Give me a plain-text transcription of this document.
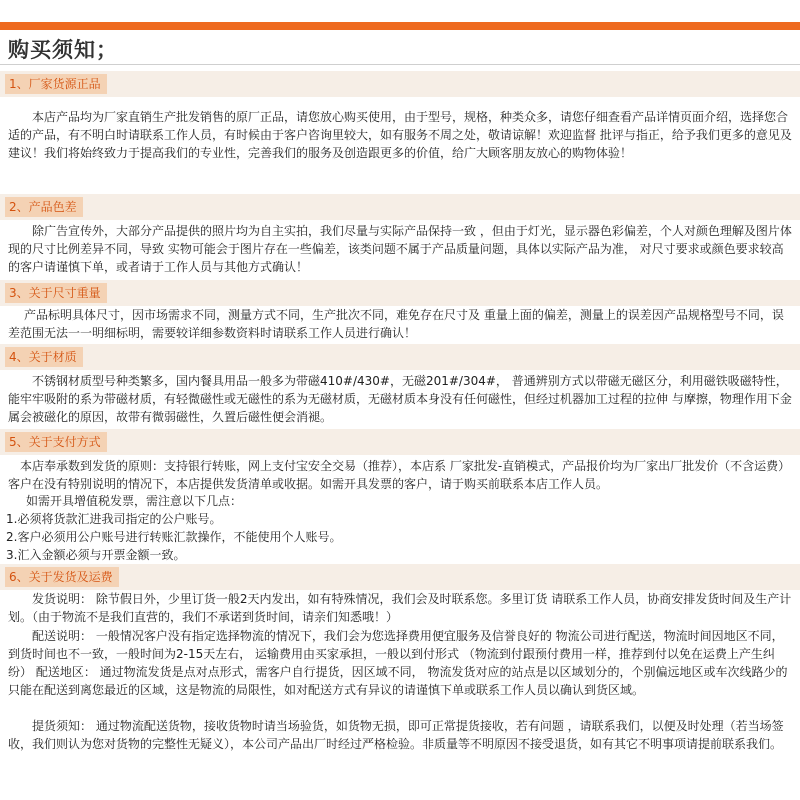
购买须知；
1、厂家货源正品

本店产品均为厂家直销生产批发销售的原厂正品，请您放心购买使用，由于型号，规格，种类众多，请您仔细查看产品详情页面介绍，选择您合适的产品，有不明白时请联系工作人员，有时候由于客户咨询里较大，如有服务不周之处，敬请谅解！欢迎监督 批评与指正，给予我们更多的意见及建议！我们将始终致力于提高我们的专业性，完善我们的服务及创造跟更多的价值，给广大顾客朋友放心的购物体验！

2、产品色差

除广告宣传外，大部分产品提供的照片均为自主实拍，我们尽量与实际产品保持一致 ，但由于灯光，显示器色彩偏差，个人对颜色理解及图片体现的尺寸比例差异不同，导致 实物可能会于图片存在一些偏差，该类问题不属于产品质量问题，具体以实际产品为准， 对尺寸要求或颜色要求较高的客户请谨慎下单，或者请于工作人员与其他方式确认！

3、关于尺寸重量

产品标明具体尺寸，因市场需求不同，测量方式不同，生产批次不同，难免存在尺寸及 重量上面的偏差，测量上的误差因产品规格型号不同，误差范围无法一一明细标明，需要较详细参数资料时请联系工作人员进行确认！

4、关于材质

不锈钢材质型号种类繁多，国内餐具用品一般多为带磁410#/430#，无磁201#/304#， 普通辨别方式以带磁无磁区分，利用磁铁吸磁特性，能牢牢吸附的系为带磁材质，有轻微磁性或无磁性的系为无磁材质，无磁材质本身没有任何磁性，但经过机器加工过程的拉伸 与摩擦，物理作用下金属会被磁化的原因，故带有微弱磁性，久置后磁性便会消褪。

5、关于支付方式

本店奉承数到发货的原则：支持银行转账，网上支付宝安全交易（推荐），本店系 厂家批发-直销模式，产品报价均为厂家出厂批发价（不含运费）客户在没有特别说明的情况下，本店提供发货清单或收据。如需开具发票的客户，请于购买前联系本店工作人员。

如需开具增值税发票，需注意以下几点：
1.必须将货款汇进我司指定的公户账号。
2.客户必须用公户账号进行转账汇款操作，不能使用个人账号。
3.汇入金额必须与开票金额一致。
6、关于发货及运费

发货说明： 除节假日外，少里订货一般2天内发出，如有特殊情况，我们会及时联系您。多里订货 请联系工作人员，协商安排发货时间及生产计划。（由于物流不是我们直营的，我们不承诺到货时间，请亲们知悉哦！）

配送说明： 一般情况客户没有指定选择物流的情况下，我们会为您选择费用便宜服务及信誉良好的 物流公司进行配送，物流时间因地区不同，到货时间也不一致，一般时间为2-15天左右， 运输费用由买家承担，一般以到付形式 （物流到付跟预付费用一样，推荐到付以免在运费上产生纠纷） 配送地区： 通过物流发货是点对点形式，需客户自行提货，因区域不同， 物流发货对应的站点是以区域划分的，个别偏远地区或车次线路少的只能在配送到离您最近的区域，这是物流的局限性，如对配送方式有异议的请谨慎下单或联系工作人员以确认到货区域。

提货须知： 通过物流配送货物，接收货物时请当场验货，如货物无损，即可正常提货接收，若有问题 ，请联系我们，以便及时处理（若当场签收，我们则认为您对货物的完整性无疑义），本公司产品出厂时经过严格检验。非质量等不明原因不接受退货，如有其它不明事项请提前联系我们。
